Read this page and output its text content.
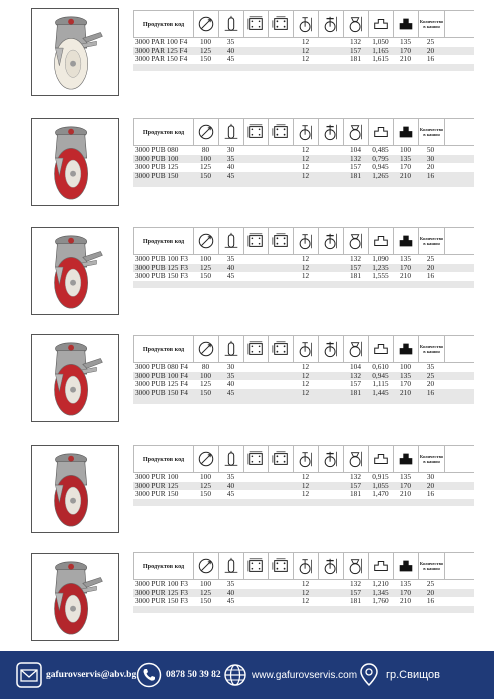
Продуктов код	Количество в кашон
3000 PAR 100 F4	100	35	12	132	1,050	135	25
3000 PAR 125 F4	125	40	12	157	1,165	170	20
3000 PAR 150 F4	150	45	12	181	1,615	210	16
Продуктов код	Количество в кашон
3000 PUB 080	80	30	12	104	0,485	100	50
3000 PUB 100	100	35	12	132	0,795	135	30
3000 PUB 125	125	40	12	157	0,945	170	20
3000 PUB 150	150	45	12	181	1,265	210	16
Продуктов код	Количество в кашон
3000 PUB 100 F3	100	35	12	132	1,090	135	25
3000 PUB 125 F3	125	40	12	157	1,235	170	20
3000 PUB 150 F3	150	45	12	181	1,555	210	16
Продуктов код	Количество в кашон
3000 PUB 080 F4	80	30	12	104	0,610	100	35
3000 PUB 100 F4	100	35	12	132	0,945	135	25
3000 PUB 125 F4	125	40	12	157	1,115	170	20
3000 PUB 150 F4	150	45	12	181	1,445	210	16
Продуктов код	Количество в кашон
3000 PUR 100	100	35	12	132	0,915	135	30
3000 PUR 125	125	40	12	157	1,055	170	20
3000 PUR 150	150	45	12	181	1,470	210	16
Продуктов код	Количество в кашон
3000 PUR 100 F3	100	35	12	132	1,210	135	25
3000 PUR 125 F3	125	40	12	157	1,345	170	20
3000 PUR 150 F3	150	45	12	181	1,760	210	16
gafurovservis@abv.bg	0878 50 39 82	www.gafurovservis.com	гр.Свищов
